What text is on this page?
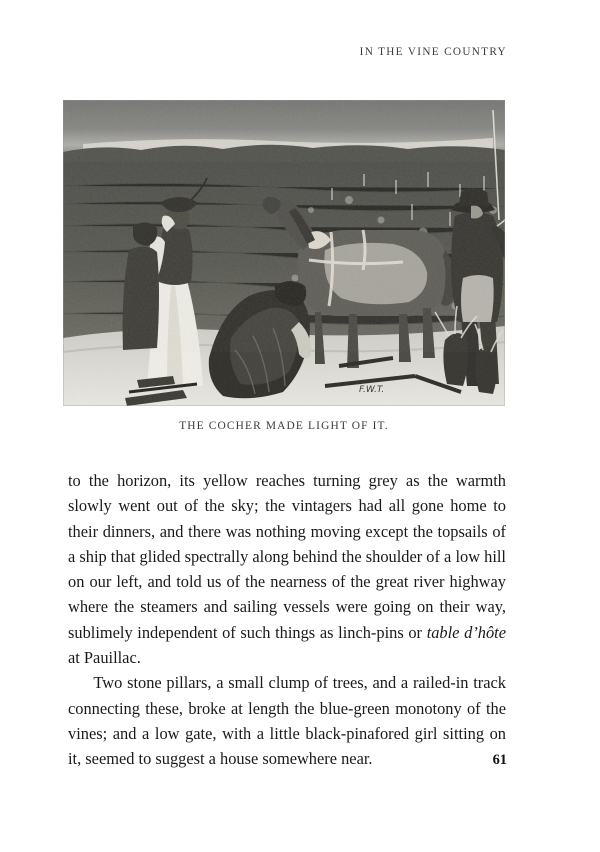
IN THE VINE COUNTRY
F.W.T.
THE COCHER MADE LIGHT OF IT.

to the horizon, its yellow reaches turning grey as the warmth slowly went out of the sky; the vintagers had all gone home to their dinners, and there was nothing moving except the topsails of a ship that glided spectrally along behind the shoulder of a low hill on our left, and told us of the nearness of the great river highway where the steamers and sailing vessels were going on their way, sublimely independent of such things as linch-pins or table d’hôte at Pauillac.

Two stone pillars, a small clump of trees, and a railed-in track connecting these, broke at length the blue-green monotony of the vines; and a low gate, with a little black-pinafored girl sitting on it, seemed to suggest a house somewhere near.	61
